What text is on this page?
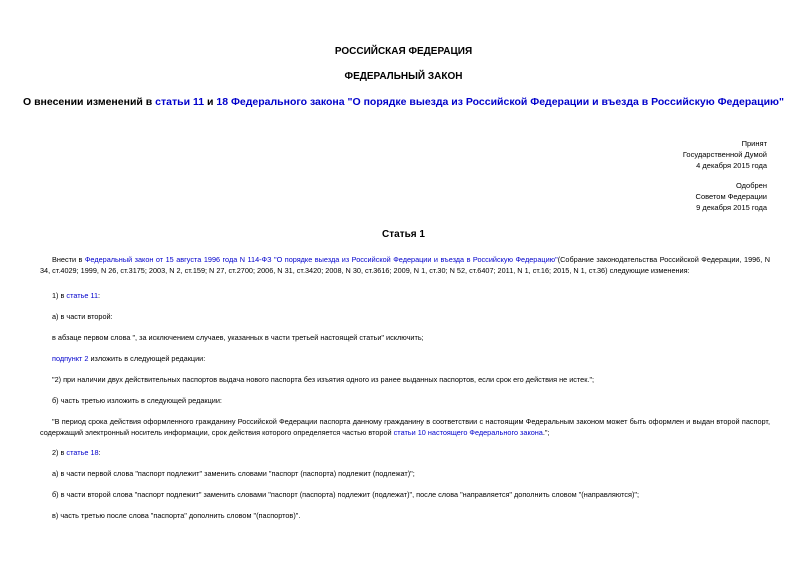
РОССИЙСКАЯ ФЕДЕРАЦИЯ
ФЕДЕРАЛЬНЫЙ ЗАКОН
О внесении изменений в статьи 11 и 18 Федерального закона "О порядке выезда из Российской Федерации и въезда в Российскую Федерацию"
Принят
Государственной Думой
4 декабря 2015 года
Одобрен
Советом Федерации
9 декабря 2015 года
Статья 1
Внести в Федеральный закон от 15 августа 1996 года N 114-ФЗ "О порядке выезда из Российской Федерации и въезда в Российскую Федерацию"(Собрание законодательства Российской Федерации, 1996, N 34, ст.4029; 1999, N 26, ст.3175; 2003, N 2, ст.159; N 27, ст.2700; 2006, N 31, ст.3420; 2008, N 30, ст.3616; 2009, N 1, ст.30; N 52, ст.6407; 2011, N 1, ст.16; 2015, N 1, ст.36) следующие изменения:
1) в статье 11:
а) в части второй:
в абзаце первом слова ", за исключением случаев, указанных в части третьей настоящей статьи" исключить;
подпункт 2 изложить в следующей редакции:
"2) при наличии двух действительных паспортов выдача нового паспорта без изъятия одного из ранее выданных паспортов, если срок его действия не истек.";
б) часть третью изложить в следующей редакции:
"В период срока действия оформленного гражданину Российской Федерации паспорта данному гражданину в соответствии с настоящим Федеральным законом может быть оформлен и выдан второй паспорт, содержащий электронный носитель информации, срок действия которого определяется частью второй статьи 10 настоящего Федерального закона.";
2) в статье 18:
а) в части первой слова "паспорт подлежит" заменить словами "паспорт (паспорта) подлежит (подлежат)";
б) в части второй слова "паспорт подлежит" заменить словами "паспорт (паспорта) подлежит (подлежат)", после слова "направляется" дополнить словом "(направляются)";
в) часть третью после слова "паспорта" дополнить словом "(паспортов)".
